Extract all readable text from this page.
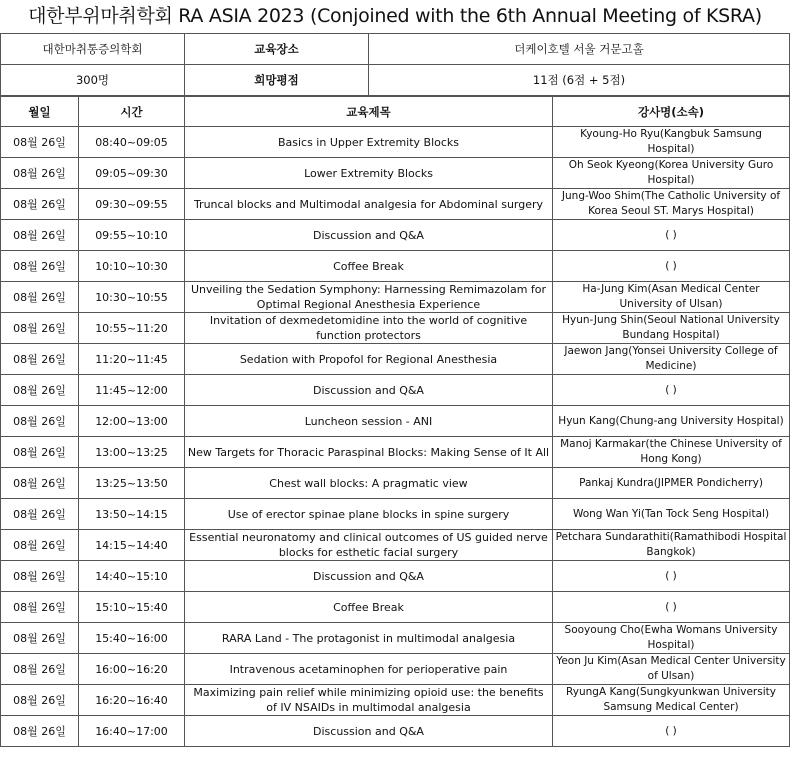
대한부위마취학회 RA ASIA 2023 (Conjoined with the 6th Annual Meeting of KSRA)
대한마취통증의학회	교육장소	더케이호텔 서울 거문고홀
300명	희망평점	11점 (6점 + 5점)
월일	시간	교육제목	강사명(소속)
08월 26일	08:40~09:05	Basics in Upper Extremity Blocks	Kyoung-Ho Ryu(Kangbuk Samsung Hospital)
08월 26일	09:05~09:30	Lower Extremity Blocks	Oh Seok Kyeong(Korea University Guro Hospital)
08월 26일	09:30~09:55	Truncal blocks and Multimodal analgesia for Abdominal surgery	Jung-Woo Shim(The Catholic University of Korea Seoul ST. Marys Hospital)
08월 26일	09:55~10:10	Discussion and Q&A	( )
08월 26일	10:10~10:30	Coffee Break	( )
08월 26일	10:30~10:55	Unveiling the Sedation Symphony: Harnessing Remimazolam for Optimal Regional Anesthesia Experience	Ha-Jung Kim(Asan Medical Center University of Ulsan)
08월 26일	10:55~11:20	Invitation of dexmedetomidine into the world of cognitive function protectors	Hyun-Jung Shin(Seoul National University Bundang Hospital)
08월 26일	11:20~11:45	Sedation with Propofol for Regional Anesthesia	Jaewon Jang(Yonsei University College of Medicine)
08월 26일	11:45~12:00	Discussion and Q&A	( )
08월 26일	12:00~13:00	Luncheon session - ANI	Hyun Kang(Chung-ang University Hospital)
08월 26일	13:00~13:25	New Targets for Thoracic Paraspinal Blocks: Making Sense of It All	Manoj Karmakar(the Chinese University of Hong Kong)
08월 26일	13:25~13:50	Chest wall blocks: A pragmatic view	Pankaj Kundra(JIPMER Pondicherry)
08월 26일	13:50~14:15	Use of erector spinae plane blocks in spine surgery	Wong Wan Yi(Tan Tock Seng Hospital)
08월 26일	14:15~14:40	Essential neuronatomy and clinical outcomes of US guided nerve blocks for esthetic facial surgery	Petchara Sundarathiti(Ramathibodi Hospital Bangkok)
08월 26일	14:40~15:10	Discussion and Q&A	( )
08월 26일	15:10~15:40	Coffee Break	( )
08월 26일	15:40~16:00	RARA Land - The protagonist in multimodal analgesia	Sooyoung Cho(Ewha Womans University Hospital)
08월 26일	16:00~16:20	Intravenous acetaminophen for perioperative pain	Yeon Ju Kim(Asan Medical Center University of Ulsan)
08월 26일	16:20~16:40	Maximizing pain relief while minimizing opioid use: the benefits of IV NSAIDs in multimodal analgesia	RyungA Kang(Sungkyunkwan University Samsung Medical Center)
08월 26일	16:40~17:00	Discussion and Q&A	( )
